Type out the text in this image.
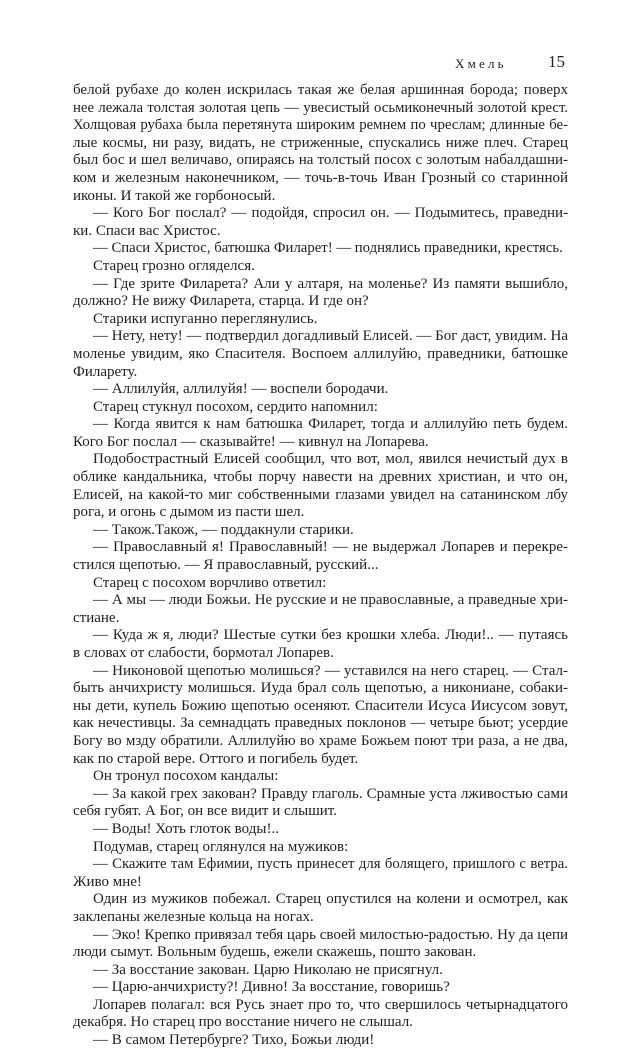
Хмель 15
белой рубахе до колен искрилась такая же белая аршинная борода; поверх
нее лежала толстая золотая цепь — увесистый осьмиконечный золотой крест.
Холщовая рубаха была перетянута широким ремнем по чреслам; длинные бе-
лые космы, ни разу, видать, не стриженные, спускались ниже плеч. Старец
был бос и шел величаво, опираясь на толстый посох с золотым набалдашни-
ком и железным наконечником, — точь-в-точь Иван Грозный со старинной
иконы. И такой же горбоносый.
— Кого Бог послал? — подойдя, спросил он. — Подымитесь, праведни-
ки. Спаси вас Христос.
— Спаси Христос, батюшка Филарет! — поднялись праведники, крестясь.
Старец грозно огляделся.
— Где зрите Филарета? Али у алтаря, на моленье? Из памяти вышибло,
должно? Не вижу Филарета, старца. И где он?
Старики испуганно переглянулись.
— Нету, нету! — подтвердил догадливый Елисей. — Бог даст, увидим. На
моленье увидим, яко Спасителя. Воспоем аллилуйю, праведники, батюшке
Филарету.
— Аллилуйя, аллилуйя! — воспели бородачи.
Старец стукнул посохом, сердито напомнил:
— Когда явится к нам батюшка Филарет, тогда и аллилуйю петь будем.
Кого Бог послал — сказывайте! — кивнул на Лопарева.
Подобострастный Елисей сообщил, что вот, мол, явился нечистый дух в
облике кандальника, чтобы порчу навести на древних христиан, и что он,
Елисей, на какой-то миг собственными глазами увидел на сатанинском лбу
рога, и огонь с дымом из пасти шел.
— Також.Також, — поддакнули старики.
— Православный я! Православный! — не выдержал Лопарев и перекре-
стился щепотью. — Я православный, русский...
Старец с посохом ворчливо ответил:
— А мы — люди Божьи. Не русские и не православные, а праведные хри-
стиане.
— Куда ж я, люди? Шестые сутки без крошки хлеба. Люди!.. — путаясь
в словах от слабости, бормотал Лопарев.
— Никоновой щепотью молишься? — уставился на него старец. — Стал-
быть анчихристу молишься. Иуда брал соль щепотью, а никониане, собаки-
ны дети, купель Божию щепотью осеняют. Спасители Исуса Иисусом зовут,
как нечестивцы. За семнадцать праведных поклонов — четыре бьют; усердие
Богу во мзду обратили. Аллилуйю во храме Божьем поют три раза, а не два,
как по старой вере. Оттого и погибель будет.
Он тронул посохом кандалы:
— За какой грех закован? Правду глаголь. Срамные уста лживостью сами
себя губят. А Бог, он все видит и слышит.
— Воды! Хоть глоток воды!..
Подумав, старец оглянулся на мужиков:
— Скажите там Ефимии, пусть принесет для болящего, пришлого с ветра.
Живо мне!
Один из мужиков побежал. Старец опустился на колени и осмотрел, как
заклепаны железные кольца на ногах.
— Эко! Крепко привязал тебя царь своей милостью-радостью. Ну да цепи
люди сымут. Вольным будешь, ежели скажешь, пошто закован.
— За восстание закован. Царю Николаю не присягнул.
— Царю-анчихристу?! Дивно! За восстание, говоришь?
Лопарев полагал: вся Русь знает про то, что свершилось четырнадцатого
декабря. Но старец про восстание ничего не слышал.
— В самом Петербурге? Тихо, Божьи люди!
